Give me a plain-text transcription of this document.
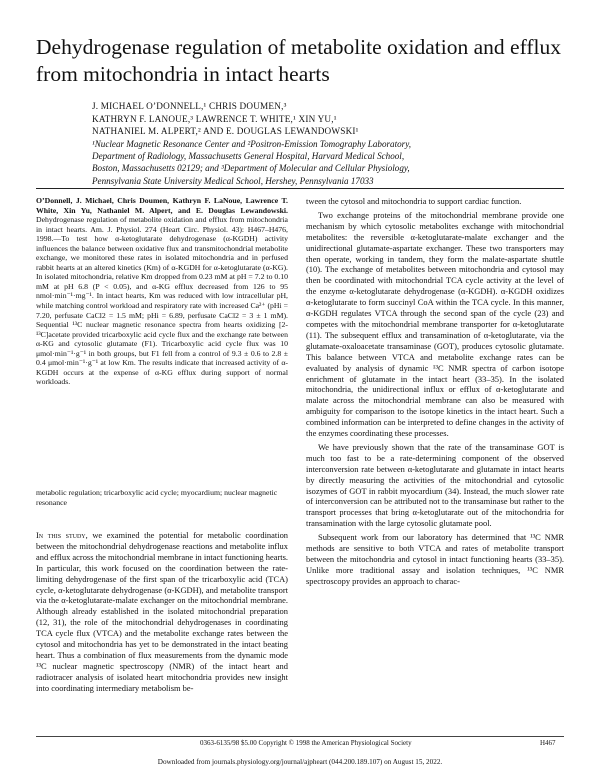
Dehydrogenase regulation of metabolite oxidation and efflux from mitochondria in intact hearts
J. MICHAEL O’DONNELL,¹ CHRIS DOUMEN,³
KATHRYN F. LANOUE,³ LAWRENCE T. WHITE,¹ XIN YU,¹
NATHANIEL M. ALPERT,² AND E. DOUGLAS LEWANDOWSKI¹
¹Nuclear Magnetic Resonance Center and ²Positron-Emission Tomography Laboratory,
Department of Radiology, Massachusetts General Hospital, Harvard Medical School,
Boston, Massachusetts 02129; and ³Department of Molecular and Cellular Physiology,
Pennsylvania State University Medical School, Hershey, Pennsylvania 17033

O’Donnell, J. Michael, Chris Doumen, Kathryn F. LaNoue, Lawrence T. White, Xin Yu, Nathaniel M. Alpert, and E. Douglas Lewandowski. Dehydrogenase regulation of metabolite oxidation and efflux from mitochondria in intact hearts. Am. J. Physiol. 274 (Heart Circ. Physiol. 43): H467–H476, 1998.—To test how α-ketoglutarate dehydrogenase (α-KGDH) activity influences the balance between oxidative flux and transmitochondrial metabolite exchange, we monitored these rates in isolated mitochondria and in perfused rabbit hearts at an altered kinetics (Km) of α-KGDH for α-ketoglutarate (α-KG). In isolated mitochondria, relative Km dropped from 0.23 mM at pH = 7.2 to 0.10 mM at pH 6.8 (P < 0.05), and α-KG efflux decreased from 126 to 95 nmol·min⁻¹·mg⁻¹. In intact hearts, Km was reduced with low intracellular pH, while matching control workload and respiratory rate with increased Ca²⁺ (pHi = 7.20, perfusate CaCl2 = 1.5 mM; pHi = 6.89, perfusate CaCl2 = 3 ± 1 mM). Sequential ¹³C nuclear magnetic resonance spectra from hearts oxidizing [2-¹³C]acetate provided tricarboxylic acid cycle flux and the exchange rate between α-KG and cytosolic glutamate (F1). Tricarboxylic acid cycle flux was 10 μmol·min⁻¹·g⁻¹ in both groups, but F1 fell from a control of 9.3 ± 0.6 to 2.8 ± 0.4 μmol·min⁻¹·g⁻¹ at low Km. The results indicate that increased activity of α-KGDH occurs at the expense of α-KG efflux during support of normal workloads.

metabolic regulation; tricarboxylic acid cycle; myocardium; nuclear magnetic resonance

In this study, we examined the potential for metabolic coordination between the mitochondrial dehydrogenase reactions and metabolite influx and efflux across the mitochondrial membrane in intact functioning hearts. In particular, this work focused on the coordination between the rate-limiting dehydrogenase of the first span of the tricarboxylic acid (TCA) cycle, α-ketoglutarate dehydrogenase (α-KGDH), and metabolite transport via the α-ketoglutarate-malate exchanger on the mitochondrial membrane. Although already established in the isolated mitochondrial preparation (12, 31), the role of the mitochondrial dehydrogenases in coordinating TCA cycle flux (VTCA) and the metabolite exchange rates between the cytosol and mitochondria has yet to be demonstrated in the intact beating heart. Thus a combination of flux measurements from the dynamic mode ¹³C nuclear magnetic spectroscopy (NMR) of the intact heart and radiotracer analysis of isolated heart mitochondria provides new insight into coordinating intermediary metabolism be-

tween the cytosol and mitochondria to support cardiac function.

Two exchange proteins of the mitochondrial membrane provide one mechanism by which cytosolic metabolites exchange with mitochondrial metabolites: the reversible α-ketoglutarate-malate exchanger and the unidirectional glutamate-aspartate exchanger. These two transporters may then operate, working in tandem, they form the malate-aspartate shuttle (10). The exchange of metabolites between mitochondria and cytosol may then be coordinated with mitochondrial TCA cycle activity at the level of the enzyme α-ketoglutarate dehydrogenase (α-KGDH). α-KGDH oxidizes α-ketoglutarate to form succinyl CoA within the TCA cycle. In this manner, α-KGDH regulates VTCA through the second span of the cycle (23) and competes with the mitochondrial membrane transporter for α-ketoglutarate (11). The subsequent efflux and transamination of α-ketoglutarate, via the glutamate-oxaloacetate transaminase (GOT), produces cytosolic glutamate. This balance between VTCA and metabolite exchange rates can be evaluated by analysis of dynamic ¹³C NMR spectra of carbon isotope enrichment of glutamate in the intact heart (33–35). In the isolated mitochondria, the unidirectional influx or efflux of α-ketoglutarate and malate across the mitochondrial membrane can also be measured with ambiguity for comparison to the isotope kinetics in the intact heart. Such a combined information can be interpreted to define changes in the activity of the enzymes coordinating these processes.

We have previously shown that the rate of the transaminase GOT is much too fast to be a rate-determining component of the observed interconversion rate between α-ketoglutarate and glutamate in intact hearts by directly measuring the activities of the mitochondrial and cytosolic isozymes of GOT in rabbit myocardium (34). Instead, the much slower rate of interconversion can be attributed not to the transaminase but rather to the transport processes that bring α-ketoglutarate out of the mitochondria for transamination with the large cytosolic glutamate pool.

Subsequent work from our laboratory has determined that ¹³C NMR methods are sensitive to both VTCA and rates of metabolite transport between the mitochondria and cytosol in intact functioning hearts (33–35). Unlike more traditional assay and isolation techniques, ¹³C NMR spectroscopy provides an approach to charac-

0363-6135/98 $5.00 Copyright © 1998 the American Physiological Society	H467
Downloaded from journals.physiology.org/journal/ajpheart (044.200.189.107) on August 15, 2022.
